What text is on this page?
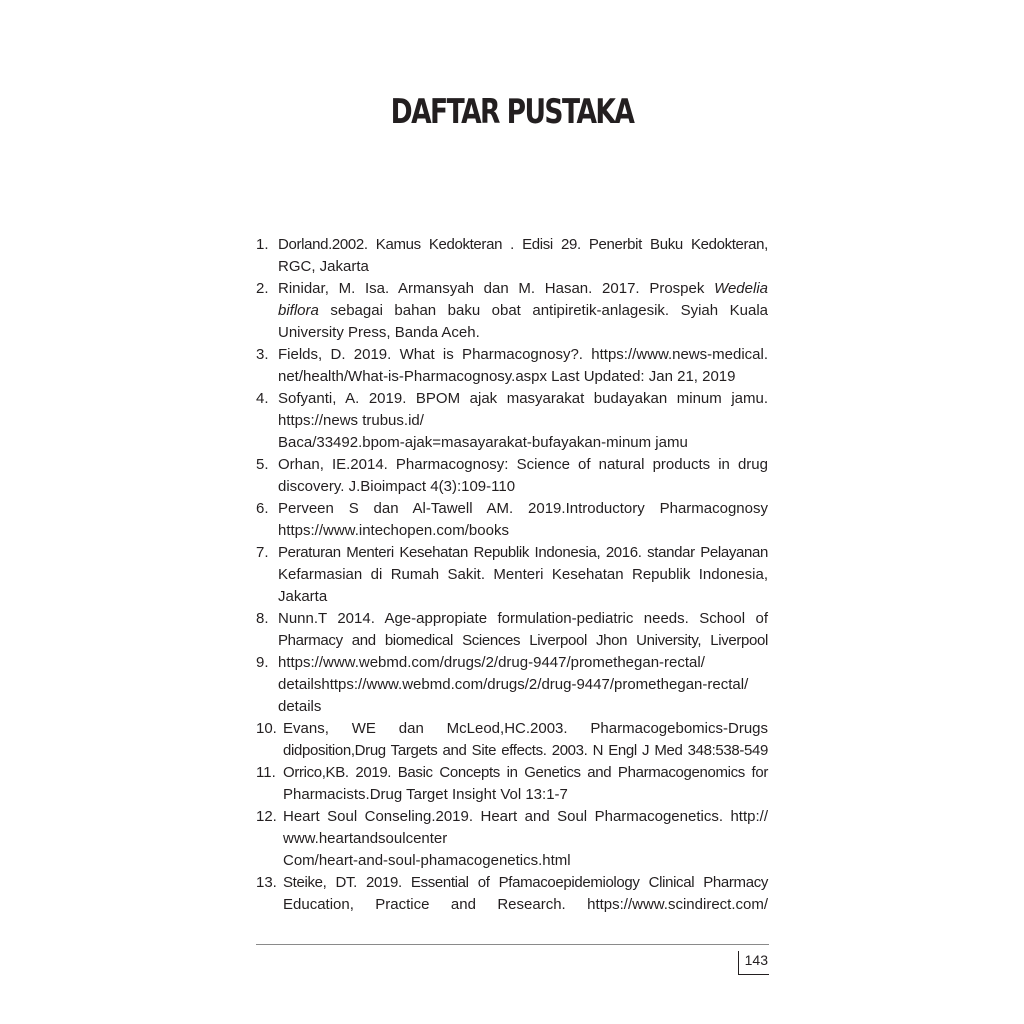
DAFTAR PUSTAKA
1. Dorland.2002. Kamus Kedokteran . Edisi 29. Penerbit Buku Kedokteran,
RGC, Jakarta
2. Rinidar, M. Isa. Armansyah dan M. Hasan. 2017. Prospek Wedelia
biflora sebagai bahan baku obat antipiretik-anlagesik. Syiah Kuala
University Press, Banda Aceh.
3. Fields, D. 2019. What is Pharmacognosy?. https://www.news-medical.
net/health/What-is-Pharmacognosy.aspx Last Updated: Jan 21, 2019
4. Sofyanti, A. 2019. BPOM ajak masyarakat budayakan minum jamu.
https://news trubus.id/
Baca/33492.bpom-ajak=masayarakat-bufayakan-minum jamu
5. Orhan, IE.2014. Pharmacognosy: Science of natural products in drug
discovery. J.Bioimpact 4(3):109-110
6. Perveen S dan Al-Tawell AM. 2019.Introductory Pharmacognosy
https://www.intechopen.com/books
7. Peraturan Menteri Kesehatan Republik Indonesia, 2016. standar Pelayanan
Kefarmasian di Rumah Sakit. Menteri Kesehatan Republik Indonesia,
Jakarta
8. Nunn.T 2014. Age-appropiate formulation-pediatric needs. School of
Pharmacy and biomedical Sciences Liverpool Jhon University, Liverpool
9. https://www.webmd.com/drugs/2/drug-9447/promethegan-rectal/
detailshttps://www.webmd.com/drugs/2/drug-9447/promethegan-rectal/
details
10. Evans, WE dan McLeod,HC.2003. Pharmacogebomics-Drugs
didposition,Drug Targets and Site effects. 2003. N Engl J Med 348:538-549
11. Orrico,KB. 2019. Basic Concepts in Genetics and Pharmacogenomics for
Pharmacists.Drug Target Insight Vol 13:1-7
12. Heart Soul Conseling.2019. Heart and Soul Pharmacogenetics. http://
www.heartandsoulcenter
Com/heart-and-soul-phamacogenetics.html
13. Steike, DT. 2019. Essential of Pfamacoepidemiology Clinical Pharmacy
Education, Practice and Research. https://www.scindirect.com/
143
